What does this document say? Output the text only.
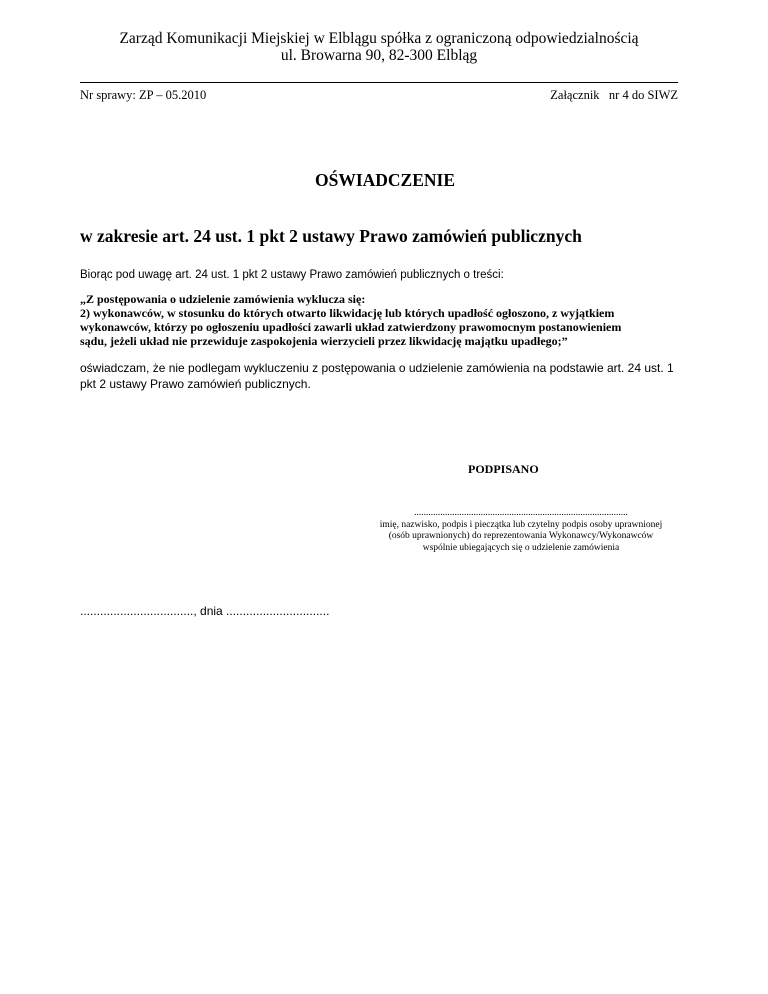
Zarząd Komunikacji Miejskiej w Elblągu spółka z ograniczoną odpowiedzialnością
ul. Browarna 90, 82-300 Elbląg
Nr sprawy: ZP – 05.2010	Załącznik   nr 4 do SIWZ
OŚWIADCZENIE
w zakresie art. 24 ust. 1 pkt 2 ustawy Prawo zamówień publicznych
Biorąc pod uwagę art. 24 ust. 1 pkt 2 ustawy Prawo zamówień publicznych o treści:
„Z postępowania o udzielenie zamówienia wyklucza się:
2) wykonawców, w stosunku do których otwarto likwidację lub których upadłość ogłoszono, z wyjątkiem
wykonawców, którzy po ogłoszeniu upadłości zawarli układ zatwierdzony prawomocnym postanowieniem
sądu, jeżeli układ nie przewiduje zaspokojenia wierzycieli przez likwidację majątku upadłego;”
oświadczam, że nie podlegam wykluczeniu z postępowania o udzielenie zamówienia na podstawie art. 24 ust. 1
pkt 2 ustawy Prawo zamówień publicznych.
PODPISANO
..........................................................................................
imię, nazwisko, podpis i pieczątka lub czytelny podpis osoby uprawnionej
(osób uprawnionych) do reprezentowania Wykonawcy/Wykonawców
wspólnie ubiegających się o udzielenie zamówienia
.................................., dnia ...............................
